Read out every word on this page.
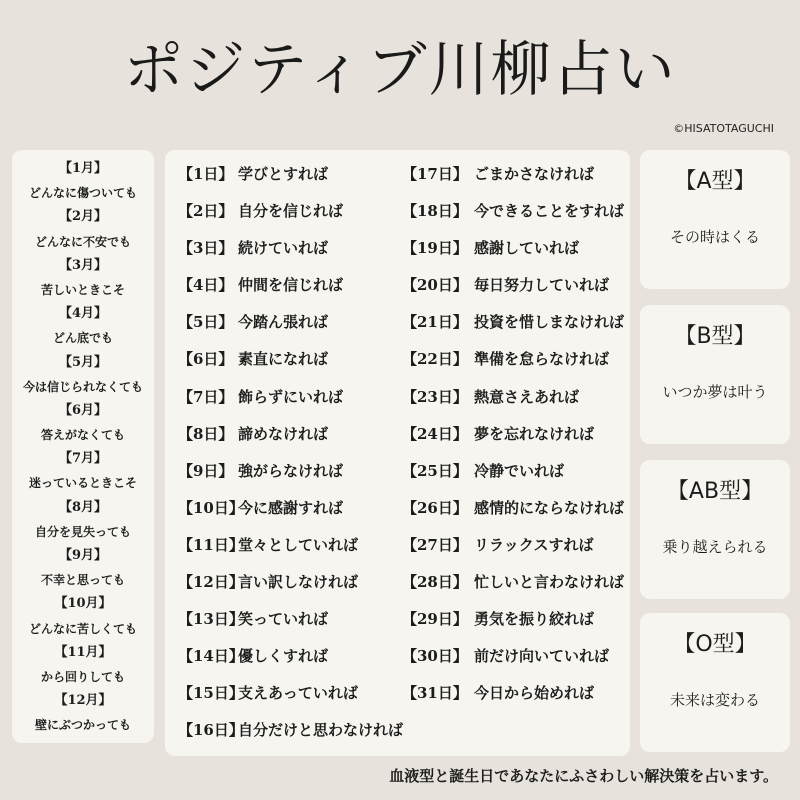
ポジティブ川柳占い
©HISATOTAGUCHI
【1月】
どんなに傷ついても
【2月】
どんなに不安でも
【3月】
苦しいときこそ
【4月】
どん底でも
【5月】
今は信じられなくても
【6月】
答えがなくても
【7月】
迷っているときこそ
【8月】
自分を見失っても
【9月】
不幸と思っても
【10月】
どんなに苦しくても
【11月】
から回りしても
【12月】
壁にぶつかっても
【1日】 学びとすれば
【2日】 自分を信じれば
【3日】 続けていれば
【4日】 仲間を信じれば
【5日】 今踏ん張れば
【6日】 素直になれば
【7日】 飾らずにいれば
【8日】 諦めなければ
【9日】 強がらなければ
【10日】今に感謝すれば
【11日】堂々としていれば
【12日】言い訳しなければ
【13日】笑っていれば
【14日】優しくすれば
【15日】支えあっていれば
【16日】自分だけと思わなければ
【17日】 ごまかさなければ
【18日】 今できることをすれば
【19日】 感謝していれば
【20日】 毎日努力していれば
【21日】 投資を惜しまなければ
【22日】 準備を怠らなければ
【23日】 熱意さえあれば
【24日】 夢を忘れなければ
【25日】 冷静でいれば
【26日】 感情的にならなければ
【27日】 リラックスすれば
【28日】 忙しいと言わなければ
【29日】 勇気を振り絞れば
【30日】 前だけ向いていれば
【31日】 今日から始めれば
【A型】
その時はくる
【B型】
いつか夢は叶う
【AB型】
乗り越えられる
【O型】
未来は変わる
血液型と誕生日であなたにふさわしい解決策を占います。
